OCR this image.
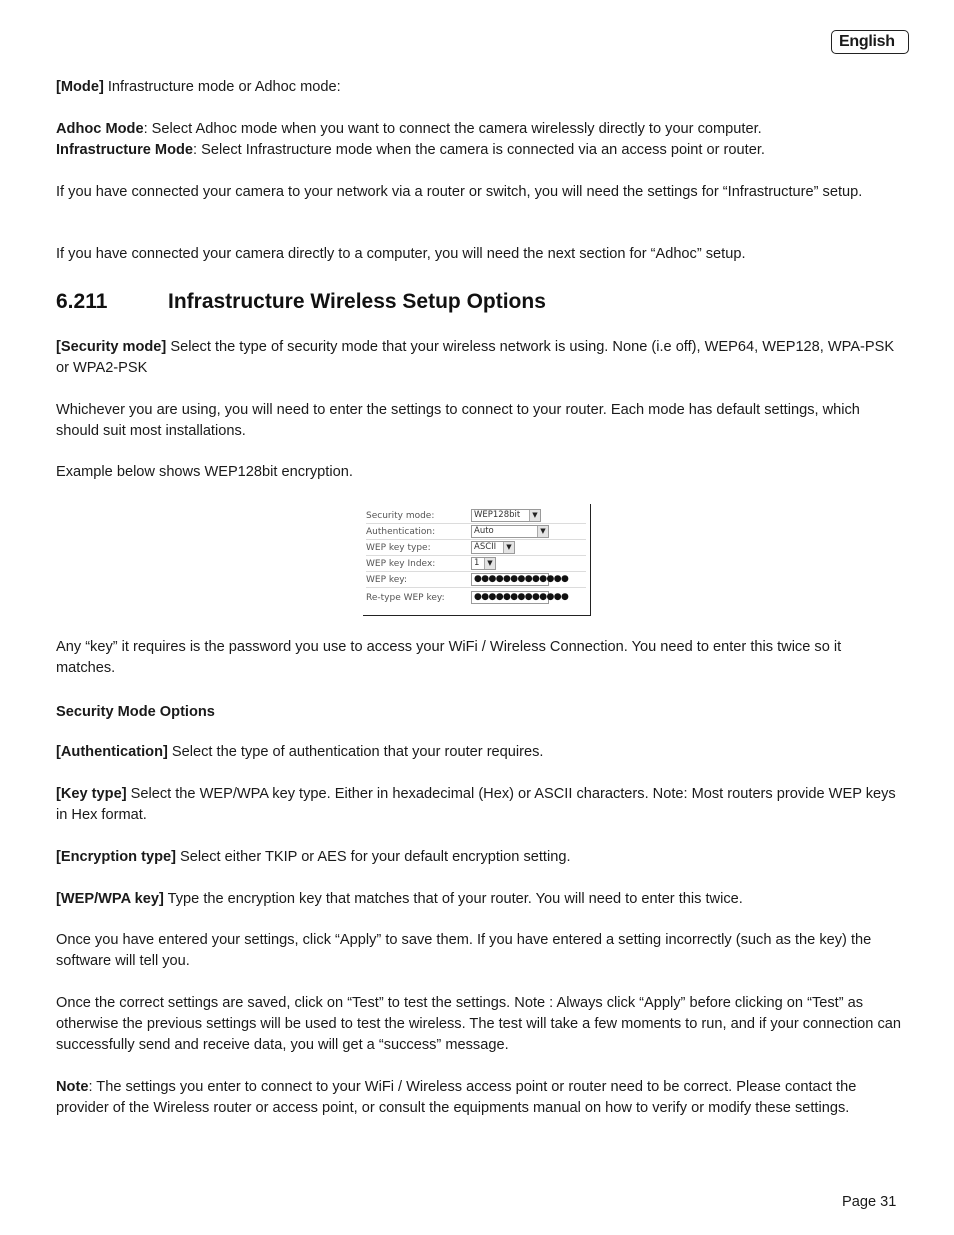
English

[Mode] Infrastructure mode or Adhoc mode:

Adhoc Mode: Select Adhoc mode when you want to connect the camera wirelessly directly to your computer.
Infrastructure Mode: Select Infrastructure mode when the camera is connected via an access point or router.

If you have connected your camera to your network via a router or switch, you will need the settings for “Infrastructure” setup.

If you have connected your camera directly to a computer, you will need the next section for “Adhoc” setup.

6.211	Infrastructure Wireless Setup Options

[Security mode] Select the type of security mode that your wireless network is using. None (i.e off), WEP64, WEP128, WPA-PSK or WPA2-PSK

Whichever you are using, you will need to enter the settings to connect to your router. Each mode has default settings, which should suit most installations.

Example below shows WEP128bit encryption.

Any “key” it requires is the password you use to access your WiFi / Wireless Connection. You need to enter this twice so it matches.

Security Mode Options

[Authentication] Select the type of authentication that your router requires.

[Key type] Select the WEP/WPA key type. Either in hexadecimal (Hex) or ASCII characters. Note: Most routers provide WEP keys in Hex format.

[Encryption type] Select either TKIP or AES for your default encryption setting.

[WEP/WPA key] Type the encryption key that matches that of your router. You will need to enter this twice.

Once you have entered your settings, click “Apply” to save them. If you have entered a setting incorrectly (such as the key) the software will tell you.

Once the correct settings are saved, click on “Test” to test the settings. Note : Always click “Apply” before clicking on “Test” as otherwise the previous settings will be used to test the wireless. The test will take a few moments to run, and if your connection can successfully send and receive data, you will get a “success” message.

Note: The settings you enter to connect to your WiFi / Wireless access point or router need to be correct. Please contact the provider of the Wireless router or access point, or consult the equipments manual on how to verify or modify these settings.

Security mode:	WEP128bit	▼
Authentication:	Auto	▼
WEP key type:	ASCII	▼
WEP key Index:	1	▼
WEP key:	●●●●●●●●●●●●●
Re-type WEP key:	●●●●●●●●●●●●●
Page 31
